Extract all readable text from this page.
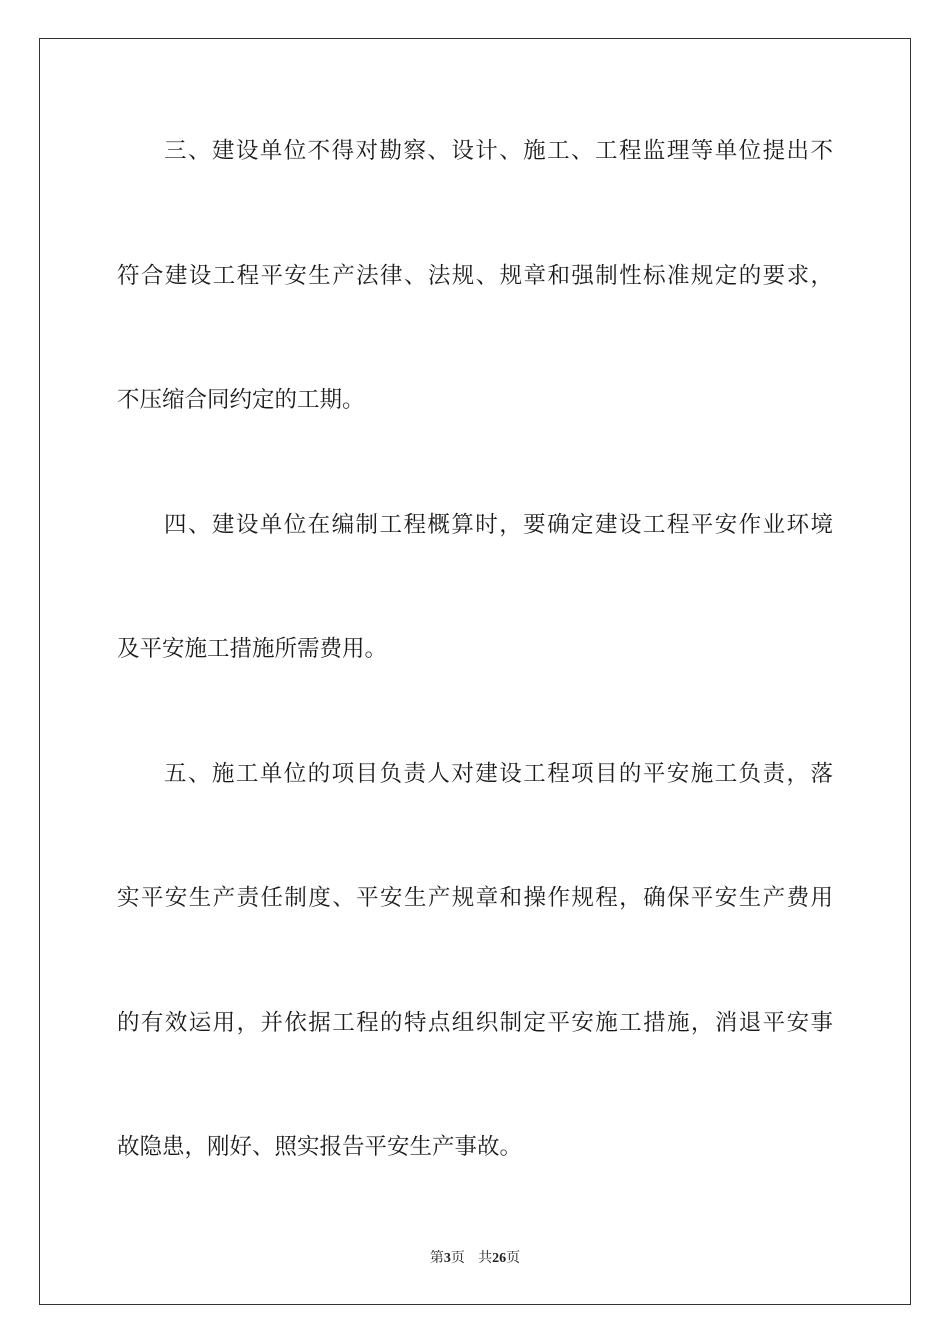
三、建设单位不得对勘察、设计、施工、工程监理等单位提出不
符合建设工程平安生产法律、法规、规章和强制性标准规定的要求，
不压缩合同约定的工期。
四、建设单位在编制工程概算时，要确定建设工程平安作业环境
及平安施工措施所需费用。
五、施工单位的项目负责人对建设工程项目的平安施工负责，落
实平安生产责任制度、平安生产规章和操作规程，确保平安生产费用
的有效运用，并依据工程的特点组织制定平安施工措施，消退平安事
故隐患，刚好、照实报告平安生产事故。
第3页 共26页
